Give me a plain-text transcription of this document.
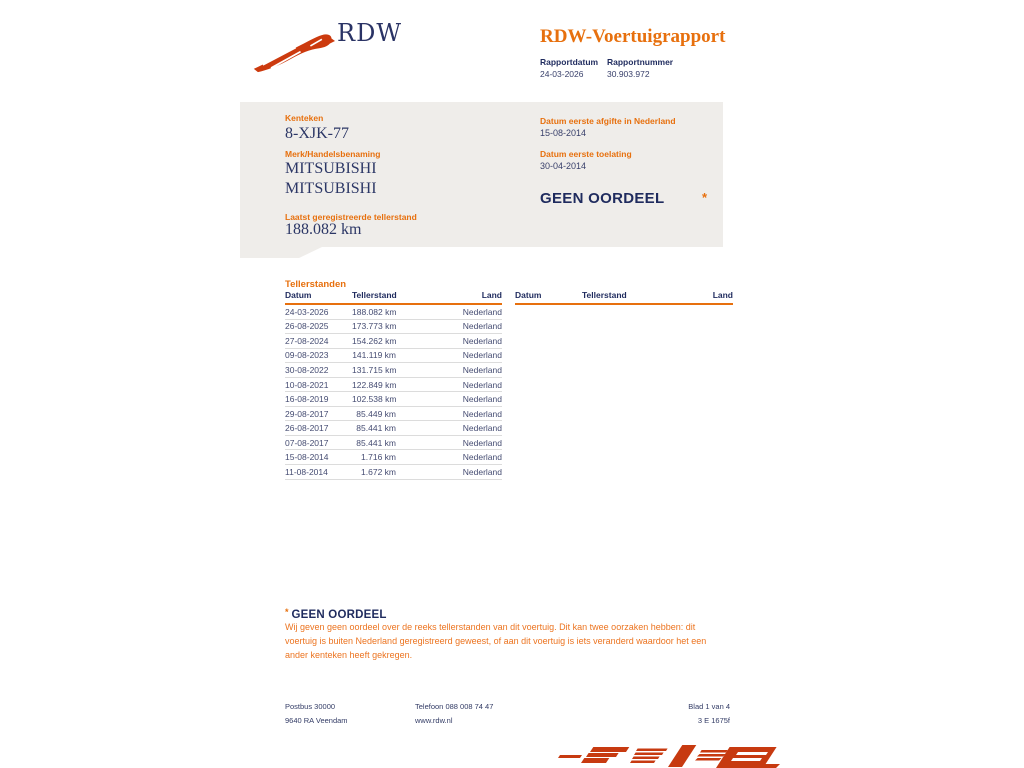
RDW	RDW-Voertuigrapport
Rapportdatum Rapportnummer
24-03-2026	30.903.972
Kenteken
8-XJK-77
Merk/Handelsbenaming
MITSUBISHI
MITSUBISHI
Laatst geregistreerde tellerstand
188.082 km
Datum eerste afgifte in Nederland
15-08-2014
Datum eerste toelating
30-04-2014
GEEN OORDEEL	*
Tellerstanden
Datum	Tellerstand	Land
24-03-2026	188.082 km	Nederland
26-08-2025	173.773 km	Nederland
27-08-2024	154.262 km	Nederland
09-08-2023	141.119 km	Nederland
30-08-2022	131.715 km	Nederland
10-08-2021	122.849 km	Nederland
16-08-2019	102.538 km	Nederland
29-08-2017	85.449 km	Nederland
26-08-2017	85.441 km	Nederland
07-08-2017	85.441 km	Nederland
15-08-2014	1.716 km	Nederland
11-08-2014	1.672 km	Nederland
Datum	Tellerstand	Land
* GEEN OORDEEL
Wij geven geen oordeel over de reeks tellerstanden van dit voertuig. Dit kan twee oorzaken hebben: dit voertuig is buiten Nederland geregistreerd geweest, of aan dit voertuig is iets veranderd waardoor het een ander kenteken heeft gekregen.
Postbus 30000
9640 RA Veendam
Telefoon 088 008 74 47
www.rdw.nl
Blad 1 van 4
3 E 1675f
